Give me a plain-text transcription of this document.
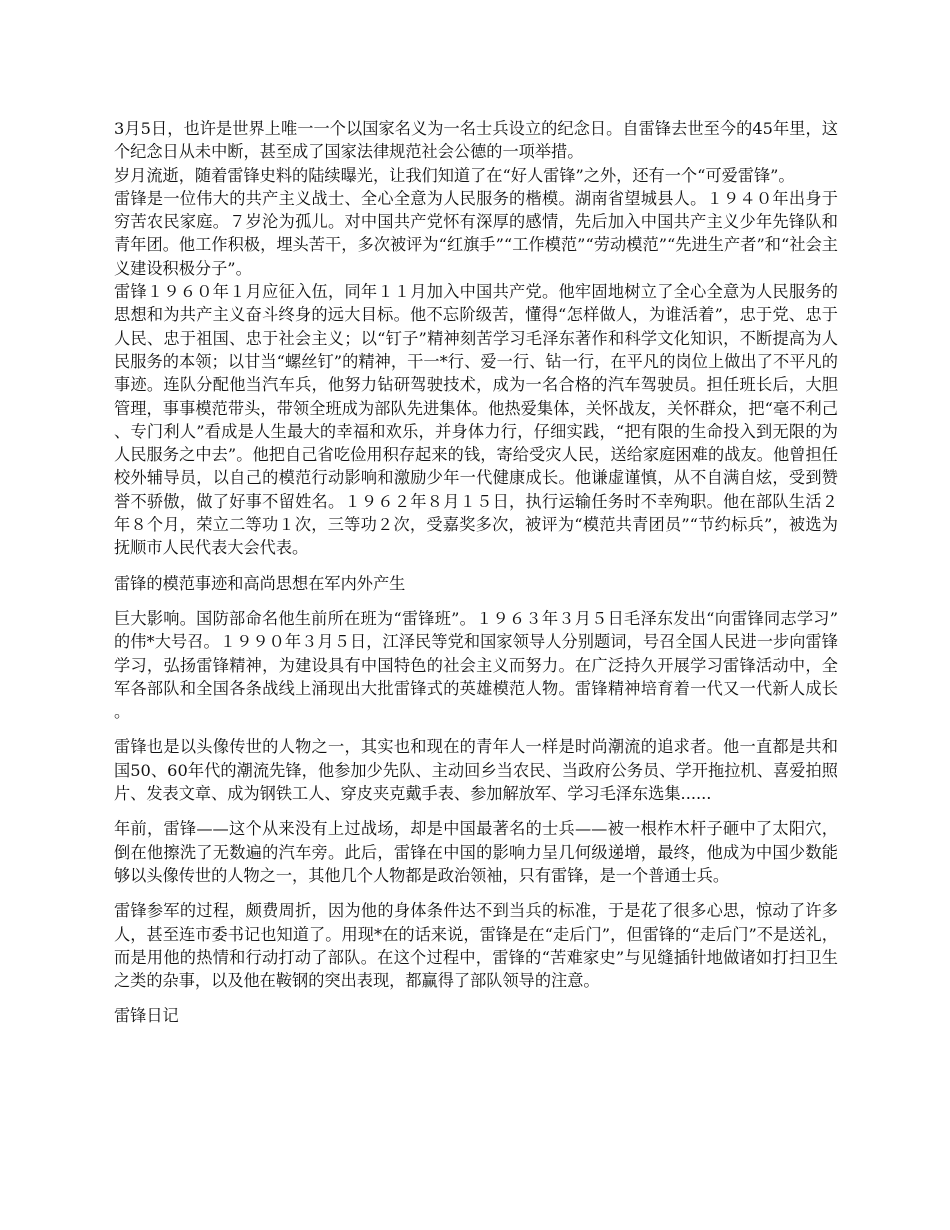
3月5日，也许是世界上唯一一个以国家名义为一名士兵设立的纪念日。自雷锋去世至今的45年里，这个纪念日从未中断，甚至成了国家法律规范社会公德的一项举措。

岁月流逝，随着雷锋史料的陆续曝光，让我们知道了在“好人雷锋”之外，还有一个“可爱雷锋”。

雷锋是一位伟大的共产主义战士、全心全意为人民服务的楷模。湖南省望城县人。１９４０年出身于穷苦农民家庭。７岁沦为孤儿。对中国共产党怀有深厚的感情，先后加入中国共产主义少年先锋队和青年团。他工作积极，埋头苦干，多次被评为“红旗手”“工作模范”“劳动模范”“先进生产者”和“社会主义建设积极分子”。

雷锋１９６０年１月应征入伍，同年１１月加入中国共产党。他牢固地树立了全心全意为人民服务的思想和为共产主义奋斗终身的远大目标。他不忘阶级苦，懂得“怎样做人，为谁活着”，忠于党、忠于人民、忠于祖国、忠于社会主义；以“钉子”精神刻苦学习毛泽东著作和科学文化知识，不断提高为人民服务的本领；以甘当“螺丝钉”的精神，干一*行、爱一行、钻一行，在平凡的岗位上做出了不平凡的事迹。连队分配他当汽车兵，他努力钻研驾驶技术，成为一名合格的汽车驾驶员。担任班长后，大胆管理，事事模范带头，带领全班成为部队先进集体。他热爱集体，关怀战友，关怀群众，把“毫不利己、专门利人”看成是人生最大的幸福和欢乐，并身体力行，仔细实践，“把有限的生命投入到无限的为人民服务之中去”。他把自己省吃俭用积存起来的钱，寄给受灾人民，送给家庭困难的战友。他曾担任校外辅导员，以自己的模范行动影响和激励少年一代健康成长。他谦虚谨慎，从不自满自炫，受到赞誉不骄傲，做了好事不留姓名。１９６２年８月１５日，执行运输任务时不幸殉职。他在部队生活２年８个月，荣立二等功１次，三等功２次，受嘉奖多次，被评为“模范共青团员”“节约标兵”，被选为抚顺市人民代表大会代表。

雷锋的模范事迹和高尚思想在军内外产生

巨大影响。国防部命名他生前所在班为“雷锋班”。１９６３年３月５日毛泽东发出“向雷锋同志学习”的伟*大号召。１９９０年３月５日，江泽民等党和国家领导人分别题词，号召全国人民进一步向雷锋学习，弘扬雷锋精神，为建设具有中国特色的社会主义而努力。在广泛持久开展学习雷锋活动中，全军各部队和全国各条战线上涌现出大批雷锋式的英雄模范人物。雷锋精神培育着一代又一代新人成长。

雷锋也是以头像传世的人物之一，其实也和现在的青年人一样是时尚潮流的追求者。他一直都是共和国50、60年代的潮流先锋，他参加少先队、主动回乡当农民、当政府公务员、学开拖拉机、喜爱拍照片、发表文章、成为钢铁工人、穿皮夹克戴手表、参加解放军、学习毛泽东选集......

年前，雷锋——这个从来没有上过战场，却是中国最著名的士兵——被一根柞木杆子砸中了太阳穴，倒在他擦洗了无数遍的汽车旁。此后，雷锋在中国的影响力呈几何级递增，最终，他成为中国少数能够以头像传世的人物之一，其他几个人物都是政治领袖，只有雷锋，是一个普通士兵。

雷锋参军的过程，颇费周折，因为他的身体条件达不到当兵的标准，于是花了很多心思，惊动了许多人，甚至连市委书记也知道了。用现*在的话来说，雷锋是在“走后门”，但雷锋的“走后门”不是送礼，而是用他的热情和行动打动了部队。在这个过程中，雷锋的“苦难家史”与见缝插针地做诸如打扫卫生之类的杂事，以及他在鞍钢的突出表现，都赢得了部队领导的注意。

雷锋日记
